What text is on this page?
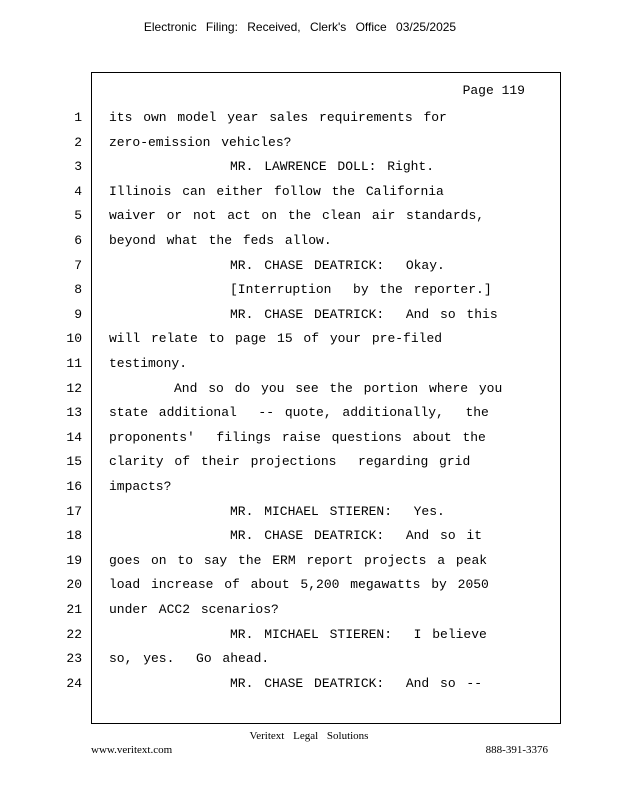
Electronic Filing: Received, Clerk's Office 03/25/2025
Page 119
1 its own model year sales requirements for
2 zero-emission vehicles?
3	MR. LAWRENCE DOLL: Right.
4 Illinois can either follow the California
5 waiver or not act on the clean air standards,
6 beyond what the feds allow.
7	MR. CHASE DEATRICK:  Okay.
8	[Interruption  by the reporter.]
9	MR. CHASE DEATRICK:  And so this
10 will relate to page 15 of your pre-filed
11 testimony.
12	And so do you see the portion where you
13 state additional  -- quote, additionally,  the
14 proponents'  filings raise questions about the
15 clarity of their projections  regarding grid
16 impacts?
17	MR. MICHAEL STIEREN:  Yes.
18	MR. CHASE DEATRICK:  And so it
19 goes on to say the ERM report projects a peak
20 load increase of about 5,200 megawatts by 2050
21 under ACC2 scenarios?
22	MR. MICHAEL STIEREN:  I believe
23 so, yes.  Go ahead.
24	MR. CHASE DEATRICK:  And so --
Veritext Legal Solutions
www.veritext.com	888-391-3376
